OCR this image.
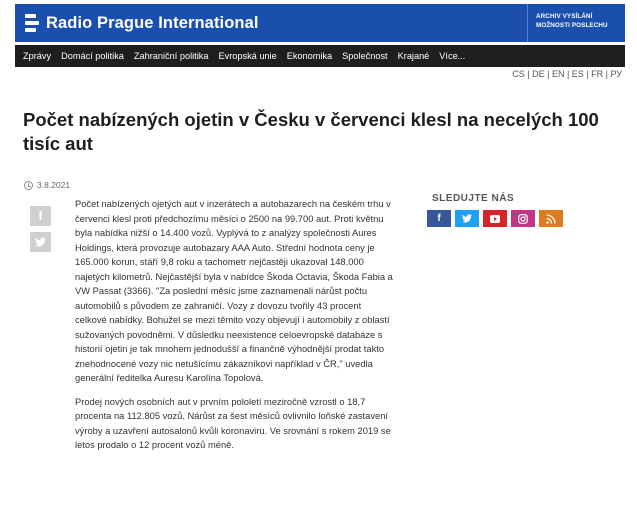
Radio Prague International	ARCHIV VYSÍLÁNÍ
MOŽNOSTI POSLECHU
Zprávy Domácí politika Zahraniční politika Evropská unie Ekonomika Společnost Krajané Více...
CS | DE | EN | ES | FR | РУ
Počet nabízených ojetin v Česku v červenci klesl na necelých 100 tisíc aut
3.8.2021
f

Počet nabízených ojetých aut v inzerátech a autobazarech na českém trhu v červenci klesl proti předchozímu měsíci o 2500 na 99.700 aut. Proti květnu byla nabídka nižší o 14.400 vozů. Vyplývá to z analýzy společnosti Aures Holdings, která provozuje autobazary AAA Auto. Střední hodnota ceny je 165.000 korun, stáří 9,8 roku a tachometr nejčastěji ukazoval 148.000 najetých kilometrů. Nejčastější byla v nabídce Škoda Octavia, Škoda Fabia a VW Passat (3366). "Za poslední měsíc jsme zaznamenali nárůst počtu automobilů s původem ze zahraničí. Vozy z dovozu tvořily 43 procent celkové nabídky. Bohužel se mezi těmito vozy objevují i automobily z oblastí sužovaných povodněmi. V důsledku neexistence celoevropské databáze s historií ojetin je tak mnohem jednodušší a finančně výhodnější prodat takto znehodnocené vozy nic netušícímu zákazníkovi například v ČR," uvedla generální ředitelka Auresu Karolína Topolová.

Prodej nových osobních aut v prvním pololetí meziročně vzrostl o 18,7 procenta na 112.805 vozů. Nárůst za šest měsíců ovlivnilo loňské zastavení výroby a uzavření autosalonů kvůli koronaviru. Ve srovnání s rokem 2019 se letos prodalo o 12 procent vozů méně.

SLEDUJTE NÁS
f
